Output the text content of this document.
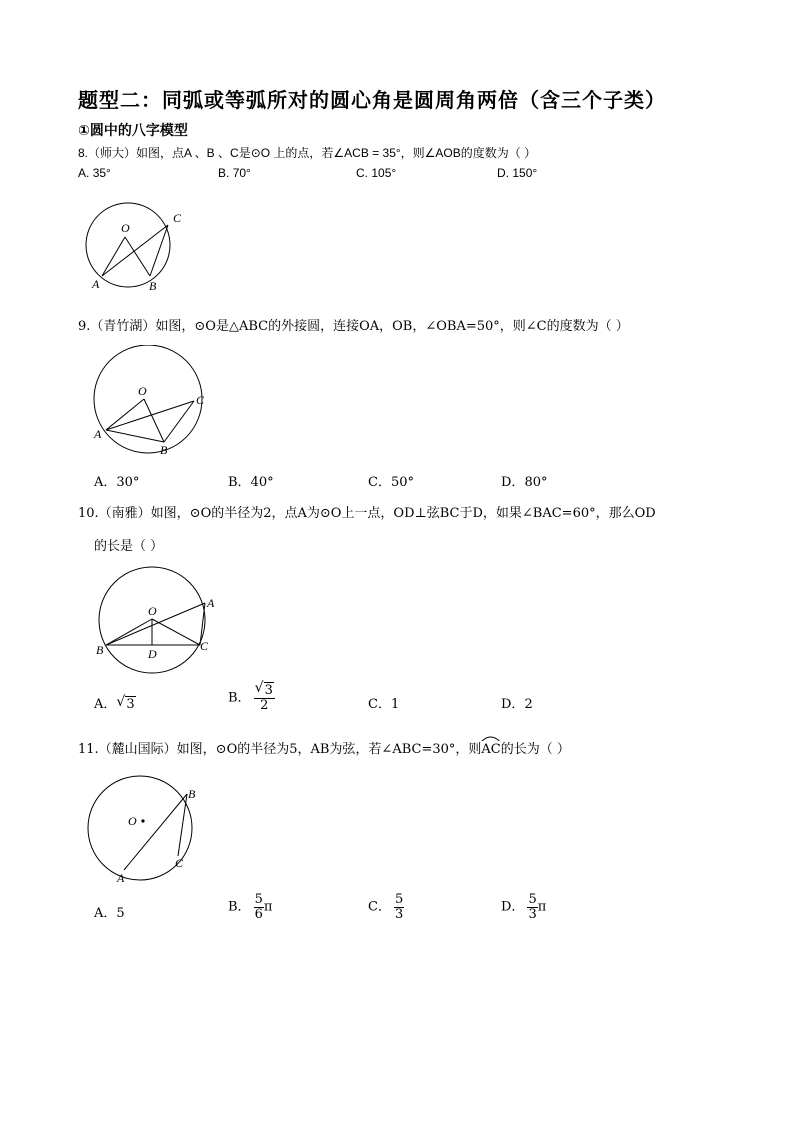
题型二：同弧或等弧所对的圆心角是圆周角两倍（含三个子类）
①圆中的八字模型
8.（师大）如图，点A 、B 、C是⊙O 上的点，若∠ACB = 35°，则∠AOB的度数为（ ）
A. 35°	B. 70°	C. 105°	D. 150°
O
A	B
C
9.（青竹湖）如图，⊙O是△ABC的外接圆，连接OA，OB，∠OBA=50°，则∠C的度数为（ ）
O
A
B
C
A．30°	B．40°	C．50°	D．80°
10.（南雅）如图，⊙O的半径为2，点A为⊙O上一点，OD⊥弦BC于D，如果∠BAC=60°，那么OD
的长是（ ）
O
A
B	C
D
A． √ 3	B． $\frac{√ 3}{2}$	C．1	D．2
11.（麓山国际）如图，⊙O的半径为5，AB为弦，若∠ABC=30°，则
AC的长为（ ）
O
A
B
C
A．5	B． $\frac{5}{6}$ π	C． $\frac{5}{3}$	D． $\frac{5}{3}$ π
